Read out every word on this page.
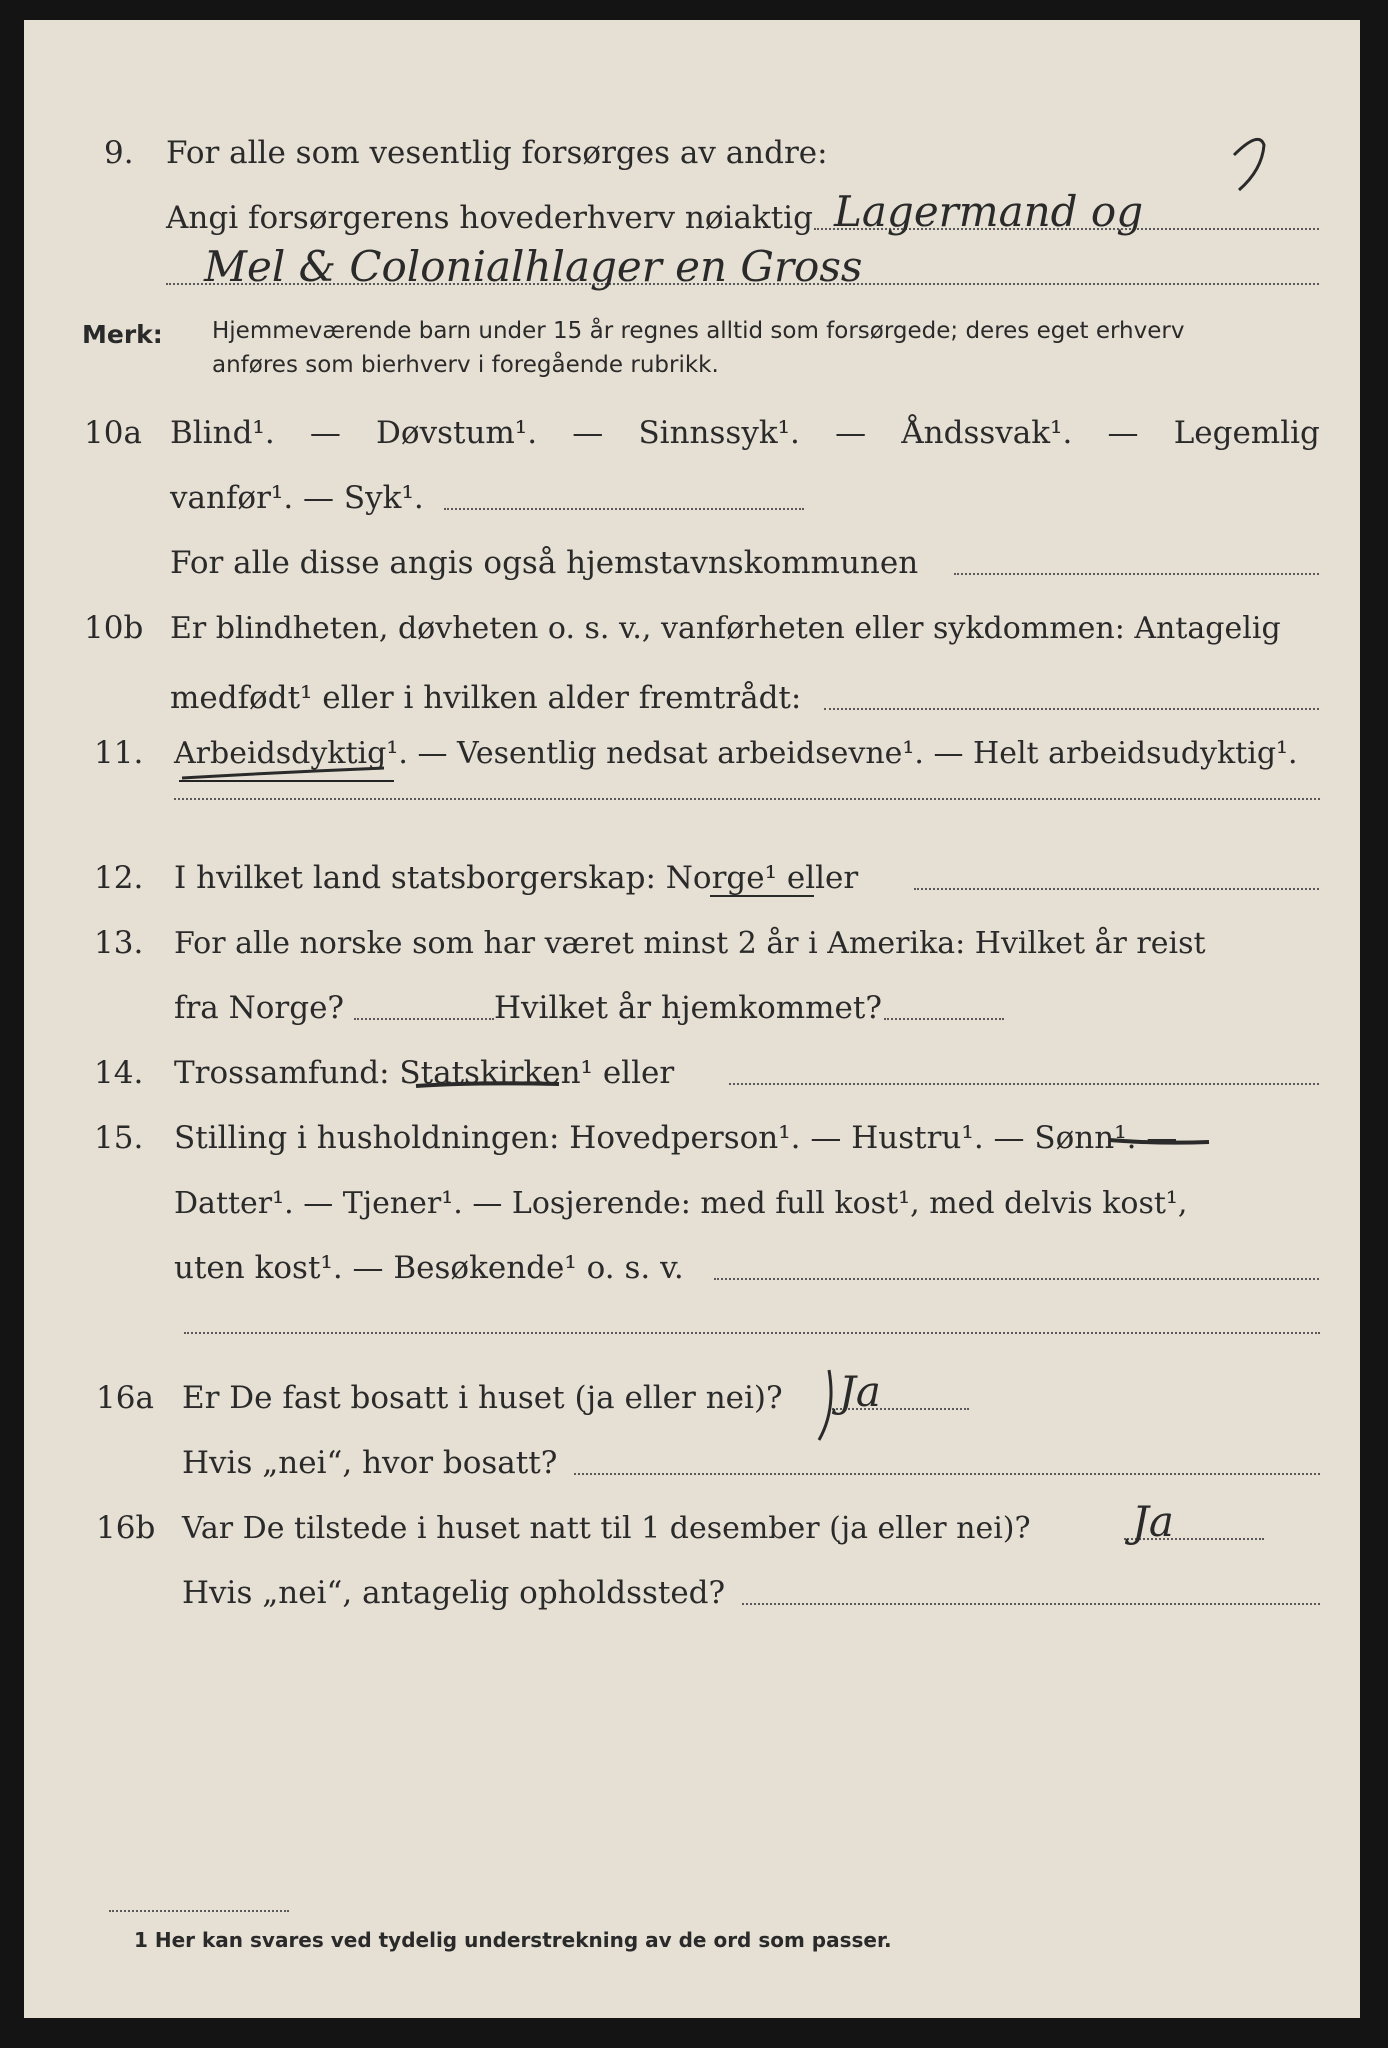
9. For alle som vesentlig forsørges av andre:
Angi forsørgerens hovederhverv nøiaktig Lagermand og
Mel & Colonialhlager en Gross
Merk: Hjemmeværende barn under 15 år regnes alltid som forsørgede; deres eget erhverv
anføres som bierhverv i foregående rubrikk.
10a Blind¹. — Døvstum¹. — Sinnssyk¹. — Åndssvak¹. — Legemlig
vanfør¹. — Syk¹.
For alle disse angis også hjemstavnskommunen
10b Er blindheten, døvheten o. s. v., vanførheten eller sykdommen: Antagelig
medfødt¹ eller i hvilken alder fremtrådt:
11. Arbeidsdyktig¹. — Vesentlig nedsat arbeidsevne¹. — Helt arbeidsudyktig¹.
12. I hvilket land statsborgerskap: Norge¹ eller
13. For alle norske som har været minst 2 år i Amerika: Hvilket år reist
fra Norge?	Hvilket år hjemkommet?
14. Trossamfund: Statskirken¹ eller
15. Stilling i husholdningen: Hovedperson¹. — Hustru¹. — Sønn¹. —
Datter¹. — Tjener¹. — Losjerende: med full kost¹, med delvis kost¹,
uten kost¹. — Besøkende¹ o. s. v.
16a Er De fast bosatt i huset (ja eller nei)? Ja
Hvis „nei“, hvor bosatt?
16b Var De tilstede i huset natt til 1 desember (ja eller nei)? Ja
Hvis „nei“, antagelig opholdssted?
1 Her kan svares ved tydelig understrekning av de ord som passer.
